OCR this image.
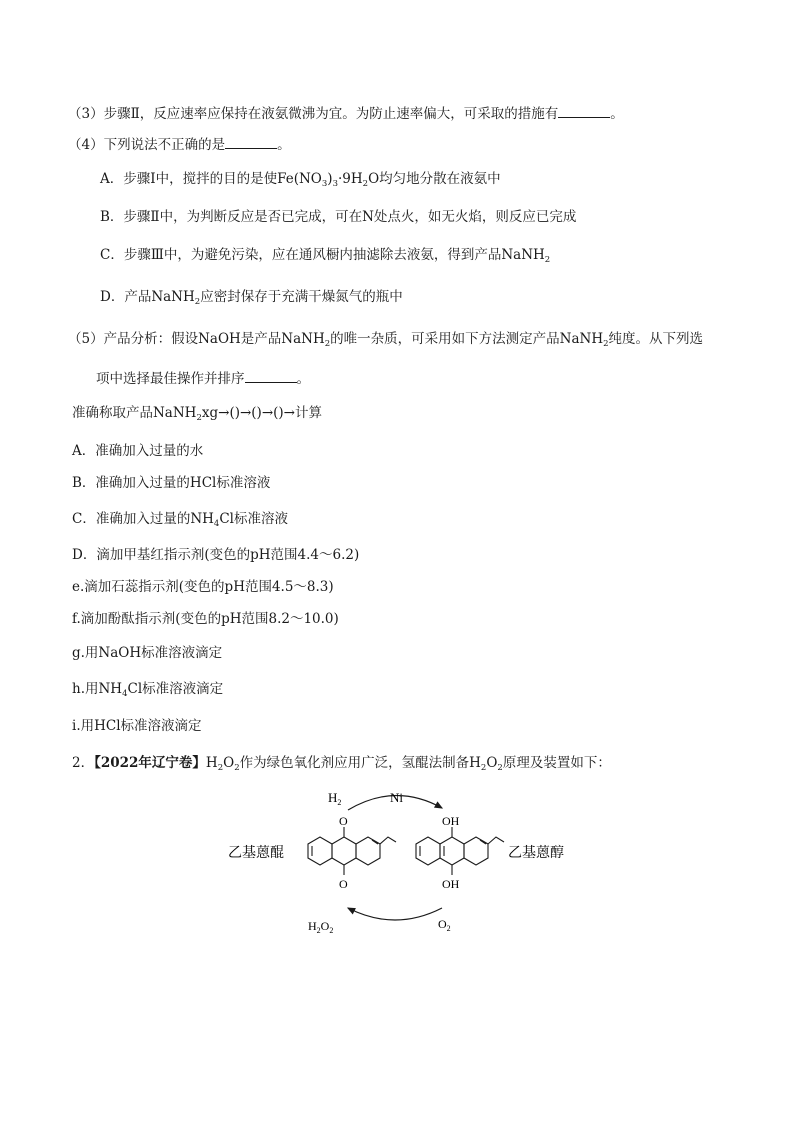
（3）步骤Ⅱ，反应速率应保持在液氨微沸为宜。为防止速率偏大，可采取的措施有	。
（4）下列说法不正确的是	。
A．步骤Ⅰ中，搅拌的目的是使$Fe(NO_3)_3\cdot 9H_2O$均匀地分散在液氨中
B．步骤Ⅱ中，为判断反应是否已完成，可在N处点火，如无火焰，则反应已完成
C．步骤Ⅲ中，为避免污染，应在通风橱内抽滤除去液氨，得到产品NaNH$_2$
D．产品NaNH$_2$应密封保存于充满干燥氮气的瓶中
（5）产品分析：假设NaOH是产品NaNH$_2$的唯一杂质，可采用如下方法测定产品NaNH$_2$纯度。从下列选
项中选择最佳操作并排序	。
准确称取产品NaNH$_2$xg→()→()→()→计算
A．准确加入过量的水
B．准确加入过量的HCl标准溶液
C．准确加入过量的$NH_4Cl$标准溶液
D．滴加甲基红指示剂(变色的pH范围4.4～6.2)
e.滴加石蕊指示剂(变色的pH范围4.5～8.3)
f.滴加酚酞指示剂(变色的pH范围8.2～10.0)
g.用NaOH标准溶液滴定
h.用$NH_4Cl$标准溶液滴定
i.用HCl标准溶液滴定
2．【2022年辽宁卷】$H_2O_2$作为绿色氧化剂应用广泛，氢醌法制备$H_2O_2$原理及装置如下：
$H_2$	Ni
O
O
乙基蒽醌
OH
OH
乙基蒽醇
$H_2O_2$	$O_2$
